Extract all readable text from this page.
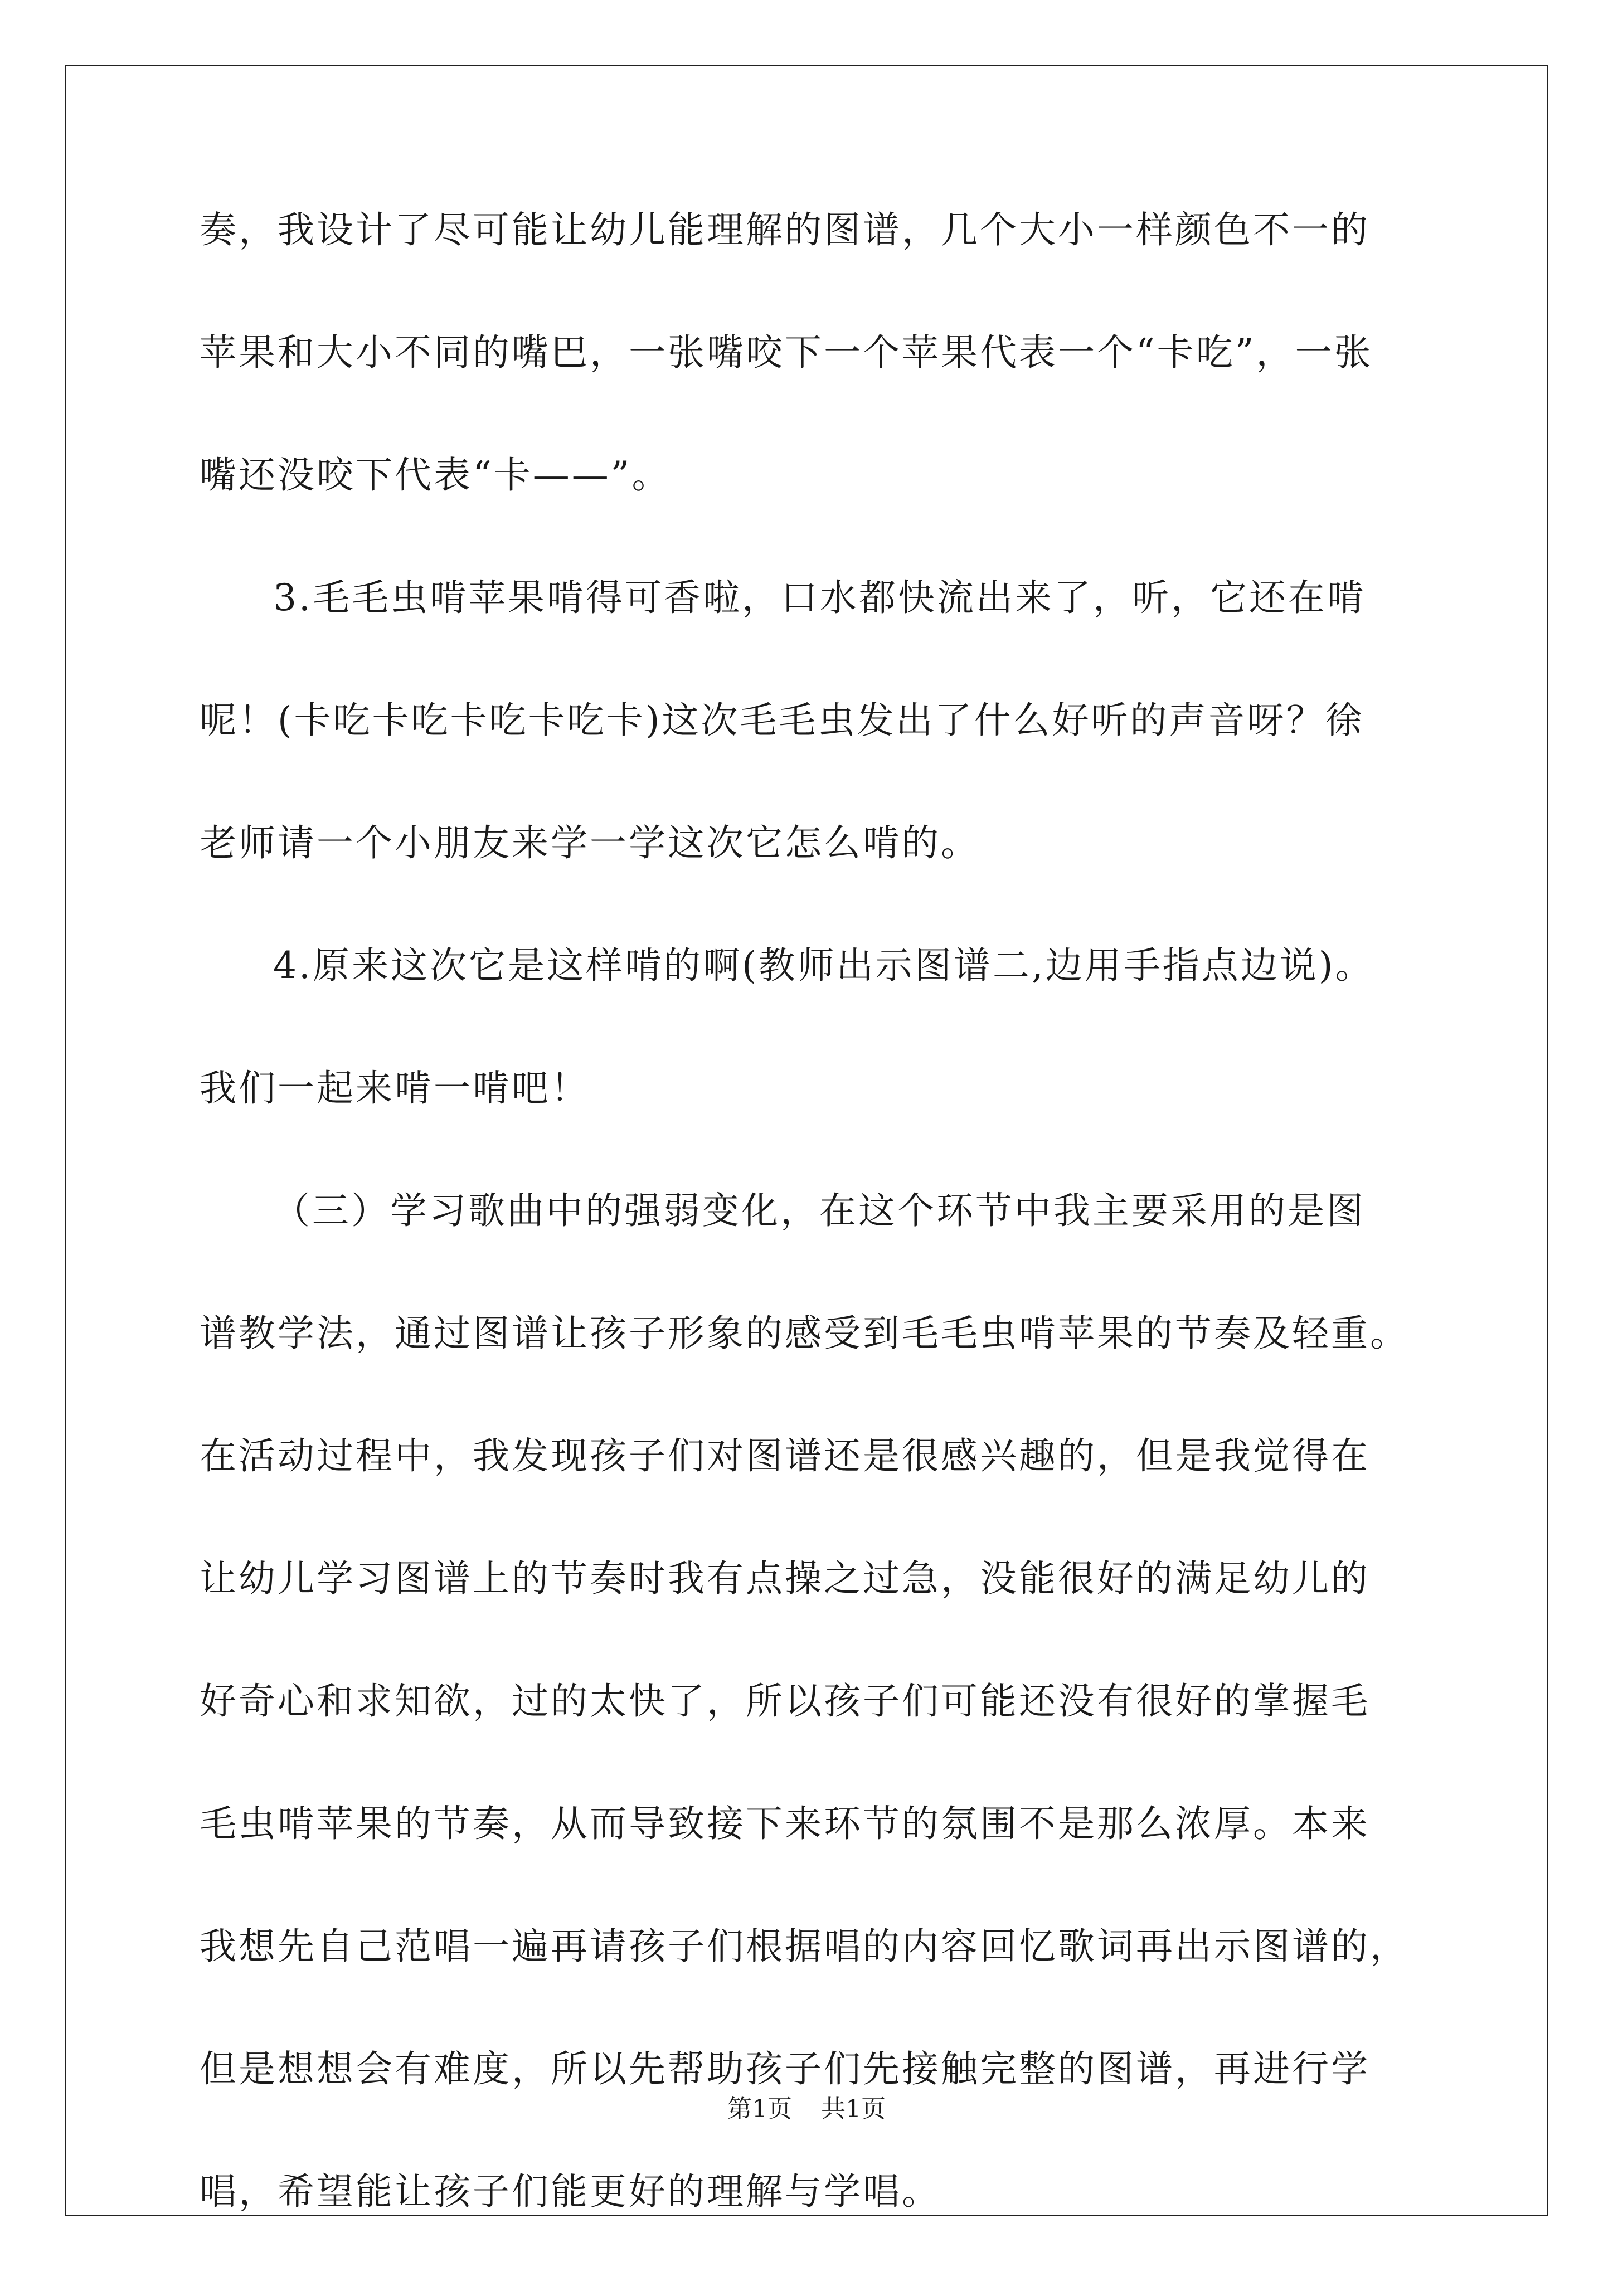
奏，我设计了尽可能让幼儿能理解的图谱，几个大小一样颜色不一的
苹果和大小不同的嘴巴，一张嘴咬下一个苹果代表一个“卡吃”，一张
嘴还没咬下代表“卡——”。
3.毛毛虫啃苹果啃得可香啦，口水都快流出来了，听，它还在啃
呢！(卡吃卡吃卡吃卡吃卡)这次毛毛虫发出了什么好听的声音呀？徐
老师请一个小朋友来学一学这次它怎么啃的。
4.原来这次它是这样啃的啊(教师出示图谱二,边用手指点边说)。
我们一起来啃一啃吧！
（三）学习歌曲中的强弱变化，在这个环节中我主要采用的是图
谱教学法，通过图谱让孩子形象的感受到毛毛虫啃苹果的节奏及轻重。
在活动过程中，我发现孩子们对图谱还是很感兴趣的，但是我觉得在
让幼儿学习图谱上的节奏时我有点操之过急，没能很好的满足幼儿的
好奇心和求知欲，过的太快了，所以孩子们可能还没有很好的掌握毛
毛虫啃苹果的节奏，从而导致接下来环节的氛围不是那么浓厚。本来
我想先自己范唱一遍再请孩子们根据唱的内容回忆歌词再出示图谱的，
但是想想会有难度，所以先帮助孩子们先接触完整的图谱，再进行学
唱，希望能让孩子们能更好的理解与学唱。
第1页 共1页
